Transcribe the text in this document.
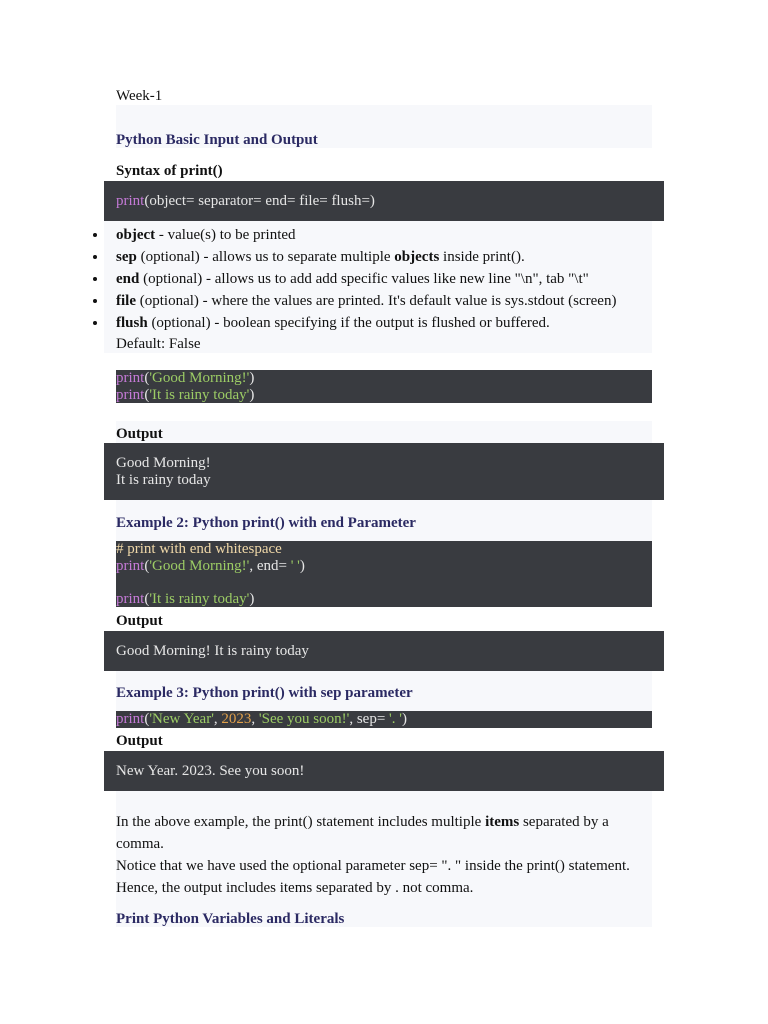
Week-1
Python Basic Input and Output
Syntax of print()
print(object= separator= end= file= flush=)
object - value(s) to be printed
sep (optional) - allows us to separate multiple objects inside print().
end (optional) - allows us to add add specific values like new line "\n", tab "\t"
file (optional) - where the values are printed. It's default value is sys.stdout (screen)
flush (optional) - boolean specifying if the output is flushed or buffered.
Default: False
print('Good Morning!')
print('It is rainy today')
Output
Good Morning!
It is rainy today
Example 2: Python print() with end Parameter
# print with end whitespace
print('Good Morning!', end= ' ')

print('It is rainy today')
Output
Good Morning! It is rainy today
Example 3: Python print() with sep parameter
print('New Year', 2023, 'See you soon!', sep= '. ')
Output
New Year. 2023. See you soon!
In the above example, the print() statement includes multiple items separated by a
comma.
Notice that we have used the optional parameter sep= ". " inside the print() statement.
Hence, the output includes items separated by . not comma.
Print Python Variables and Literals
